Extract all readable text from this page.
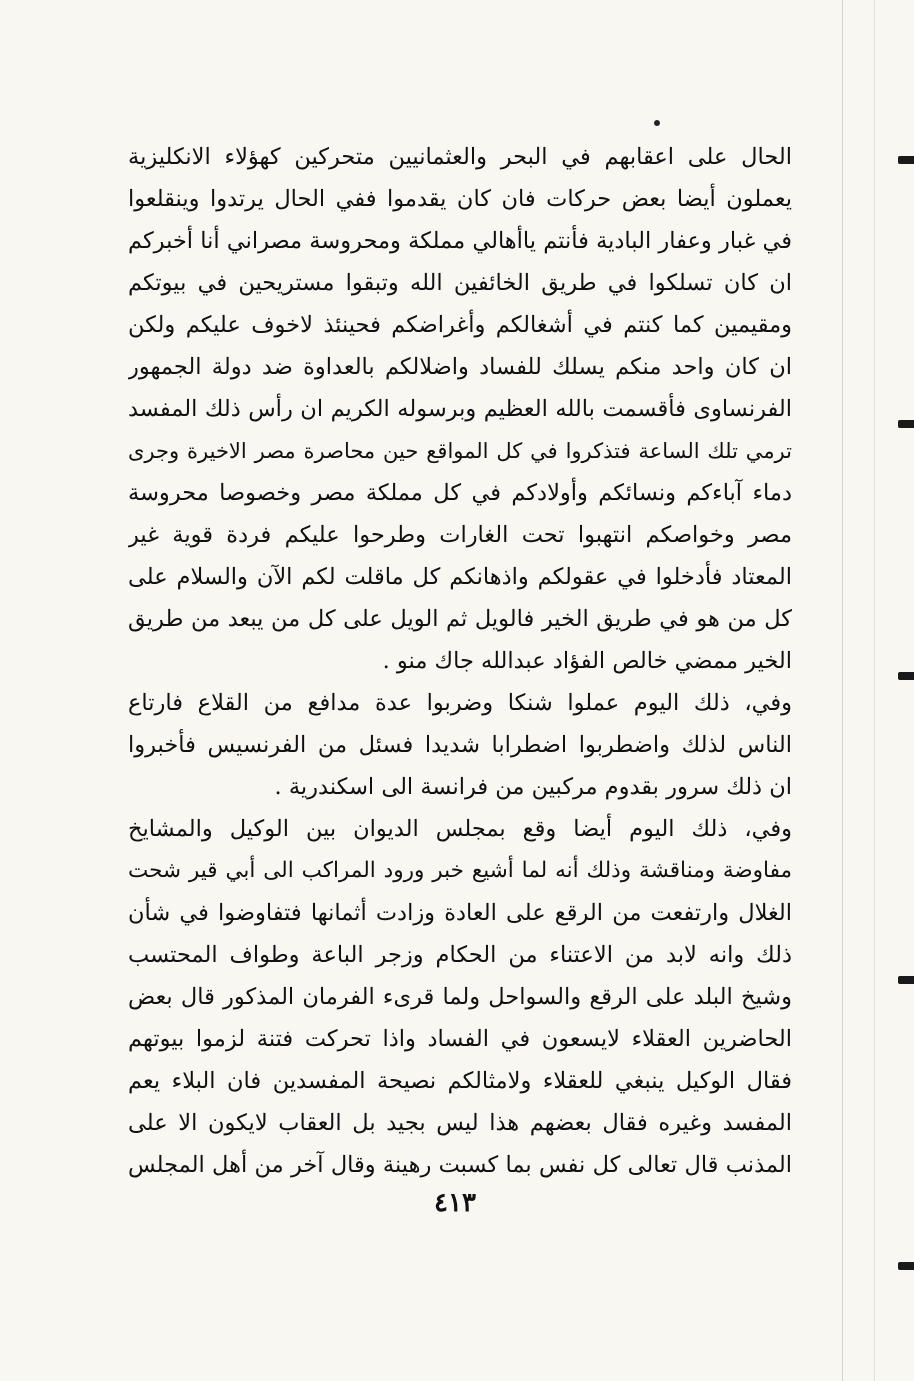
الحال على اعقابهم في البحر والعثمانيين متحركين كهؤلاء الانكليزية
يعملون أيضا بعض حركات فان كان يقدموا ففي الحال يرتدوا وينقلعوا
في غبار وعفار البادية فأنتم ياأهالي مملكة ومحروسة مصراني أنا أخبركم
ان كان تسلكوا في طريق الخائفين الله وتبقوا مستريحين في بيوتكم
ومقيمين كما كنتم في أشغالكم وأغراضكم فحينئذ لاخوف عليكم ولكن
ان كان واحد منكم يسلك للفساد واضلالكم بالعداوة ضد دولة الجمهور
الفرنساوى فأقسمت بالله العظيم وبرسوله الكريم ان رأس ذلك المفسد
ترمي تلك الساعة فتذكروا في كل المواقع حين محاصرة مصر الاخيرة وجرى
دماء آباءكم ونسائكم وأولادكم في كل مملكة مصر وخصوصا محروسة
مصر وخواصكم انتهبوا تحت الغارات وطرحوا عليكم فردة قوية غير
المعتاد فأدخلوا في عقولكم واذهانكم كل ماقلت لكم الآن والسلام على
كل من هو في طريق الخير فالويل ثم الويل على كل من يبعد من طريق
الخير ممضي خالص الفؤاد عبدالله جاك منو .
وفي، ذلك اليوم عملوا شنكا وضربوا عدة مدافع من القلاع فارتاع
الناس لذلك واضطربوا اضطرابا شديدا فسئل من الفرنسيس فأخبروا
ان ذلك سرور بقدوم مركبين من فرانسة الى اسكندرية .
وفي، ذلك اليوم أيضا وقع بمجلس الديوان بين الوكيل والمشايخ
مفاوضة ومناقشة وذلك أنه لما أشيع خبر ورود المراكب الى أبي قير شحت
الغلال وارتفعت من الرقع على العادة وزادت أثمانها فتفاوضوا في شأن
ذلك وانه لابد من الاعتناء من الحكام وزجر الباعة وطواف المحتسب
وشيخ البلد على الرقع والسواحل ولما قرىء الفرمان المذكور قال بعض
الحاضرين العقلاء لايسعون في الفساد واذا تحركت فتنة لزموا بيوتهم
فقال الوكيل ينبغي للعقلاء ولامثالكم نصيحة المفسدين فان البلاء يعم
المفسد وغيره فقال بعضهم هذا ليس بجيد بل العقاب لايكون الا على
المذنب قال تعالى كل نفس بما كسبت رهينة وقال آخر من أهل المجلس
٤١٣
